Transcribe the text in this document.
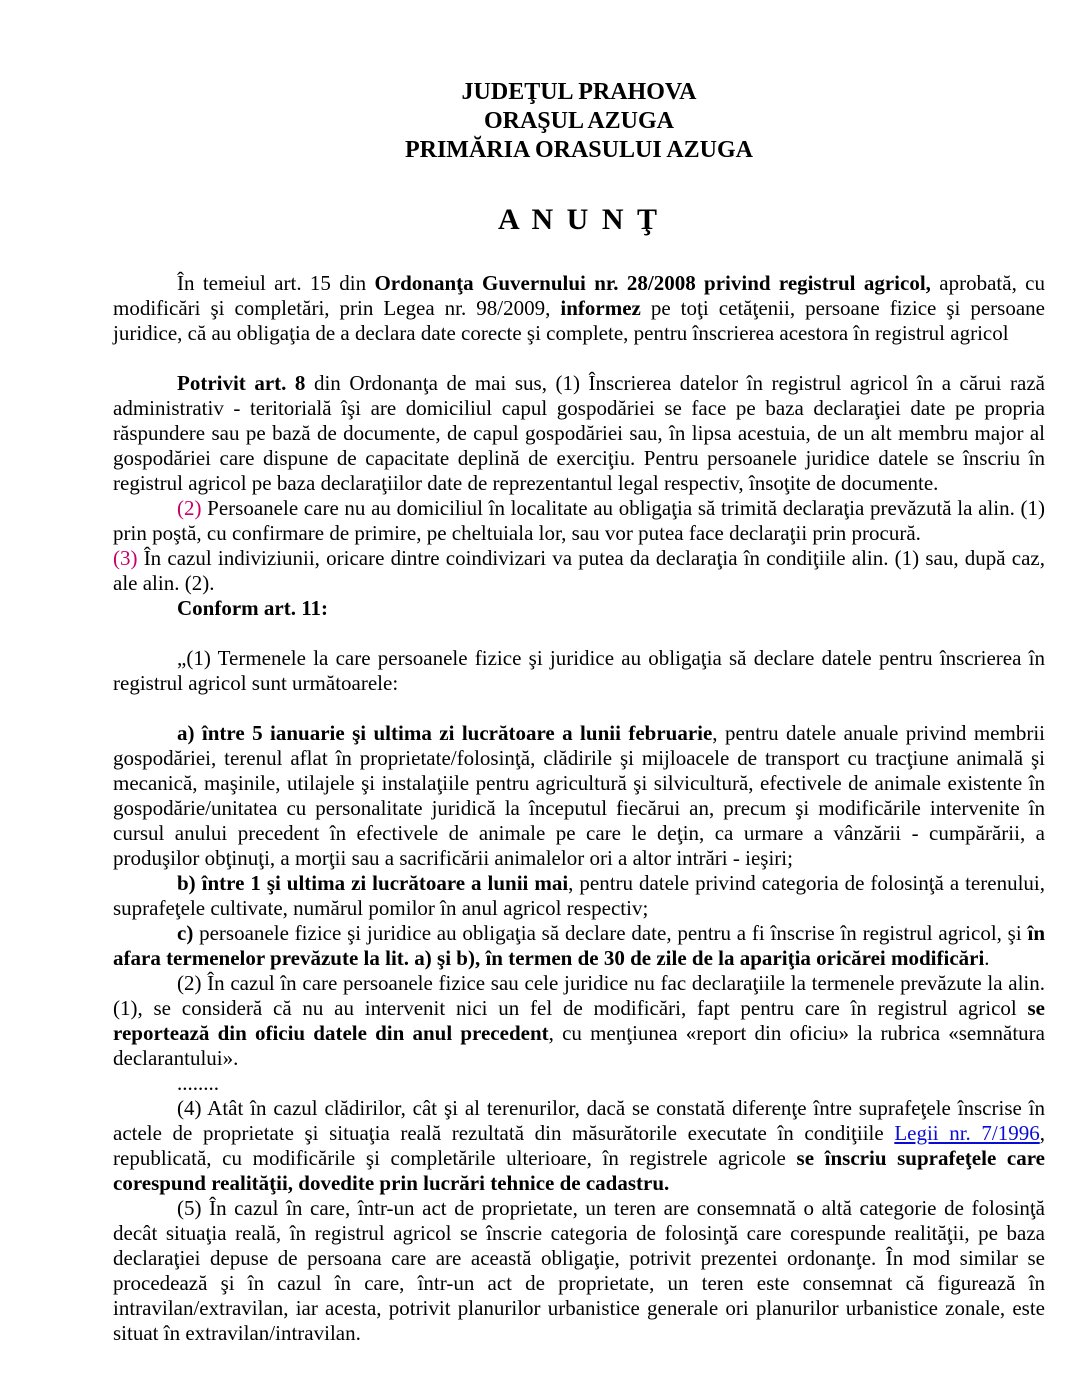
JUDEŢUL PRAHOVA
ORAŞUL AZUGA
PRIMĂRIA ORASULUI AZUGA
A N U N Ţ

În temeiul art. 15 din Ordonanţa Guvernului nr. 28/2008 privind registrul agricol, aprobată, cu modificări şi completări, prin Legea nr. 98/2009, informez pe toţi cetăţenii, persoane fizice şi persoane juridice, că au obligaţia de a declara date corecte şi complete, pentru înscrierea acestora în registrul agricol

Potrivit art. 8 din Ordonanţa de mai sus, (1) Înscrierea datelor în registrul agricol în a cărui rază administrativ - teritorială îşi are domiciliul capul gospodăriei se face pe baza declaraţiei date pe propria răspundere sau pe bază de documente, de capul gospodăriei sau, în lipsa acestuia, de un alt membru major al gospodăriei care dispune de capacitate deplină de exerciţiu. Pentru persoanele juridice datele se înscriu în registrul agricol pe baza declaraţiilor date de reprezentantul legal respectiv, însoţite de documente.

(2) Persoanele care nu au domiciliul în localitate au obligaţia să trimită declaraţia prevăzută la alin. (1) prin poştă, cu confirmare de primire, pe cheltuiala lor, sau vor putea face declaraţii prin procură.

(3) În cazul indiviziunii, oricare dintre coindivizari va putea da declaraţia în condiţiile alin. (1) sau, după caz, ale alin. (2).

Conform art. 11:

„(1) Termenele la care persoanele fizice şi juridice au obligaţia să declare datele pentru înscrierea în registrul agricol sunt următoarele:

a) între 5 ianuarie şi ultima zi lucrătoare a lunii februarie, pentru datele anuale privind membrii gospodăriei, terenul aflat în proprietate/folosinţă, clădirile şi mijloacele de transport cu tracţiune animală şi mecanică, maşinile, utilajele şi instalaţiile pentru agricultură şi silvicultură, efectivele de animale existente în gospodărie/unitatea cu personalitate juridică la începutul fiecărui an, precum şi modificările intervenite în cursul anului precedent în efectivele de animale pe care le deţin, ca urmare a vânzării - cumpărării, a produşilor obţinuţi, a morţii sau a sacrificării animalelor ori a altor intrări - ieşiri;

b) între 1 şi ultima zi lucrătoare a lunii mai, pentru datele privind categoria de folosinţă a terenului, suprafeţele cultivate, numărul pomilor în anul agricol respectiv;

c) persoanele fizice şi juridice au obligaţia să declare date, pentru a fi înscrise în registrul agricol, şi în afara termenelor prevăzute la lit. a) şi b), în termen de 30 de zile de la apariţia oricărei modificări.

(2) În cazul în care persoanele fizice sau cele juridice nu fac declaraţiile la termenele prevăzute la alin. (1), se consideră că nu au intervenit nici un fel de modificări, fapt pentru care în registrul agricol se reportează din oficiu datele din anul precedent, cu menţiunea «report din oficiu» la rubrica «semnătura declarantului».

........

(4) Atât în cazul clădirilor, cât şi al terenurilor, dacă se constată diferenţe între suprafeţele înscrise în actele de proprietate şi situaţia reală rezultată din măsurătorile executate în condiţiile Legii nr. 7/1996, republicată, cu modificările şi completările ulterioare, în registrele agricole se înscriu suprafeţele care corespund realităţii, dovedite prin lucrări tehnice de cadastru.

(5) În cazul în care, într-un act de proprietate, un teren are consemnată o altă categorie de folosinţă decât situaţia reală, în registrul agricol se înscrie categoria de folosinţă care corespunde realităţii, pe baza declaraţiei depuse de persoana care are această obligaţie, potrivit prezentei ordonanţe. În mod similar se procedează şi în cazul în care, într-un act de proprietate, un teren este consemnat că figurează în intravilan/extravilan, iar acesta, potrivit planurilor urbanistice generale ori planurilor urbanistice zonale, este situat în extravilan/intravilan.
